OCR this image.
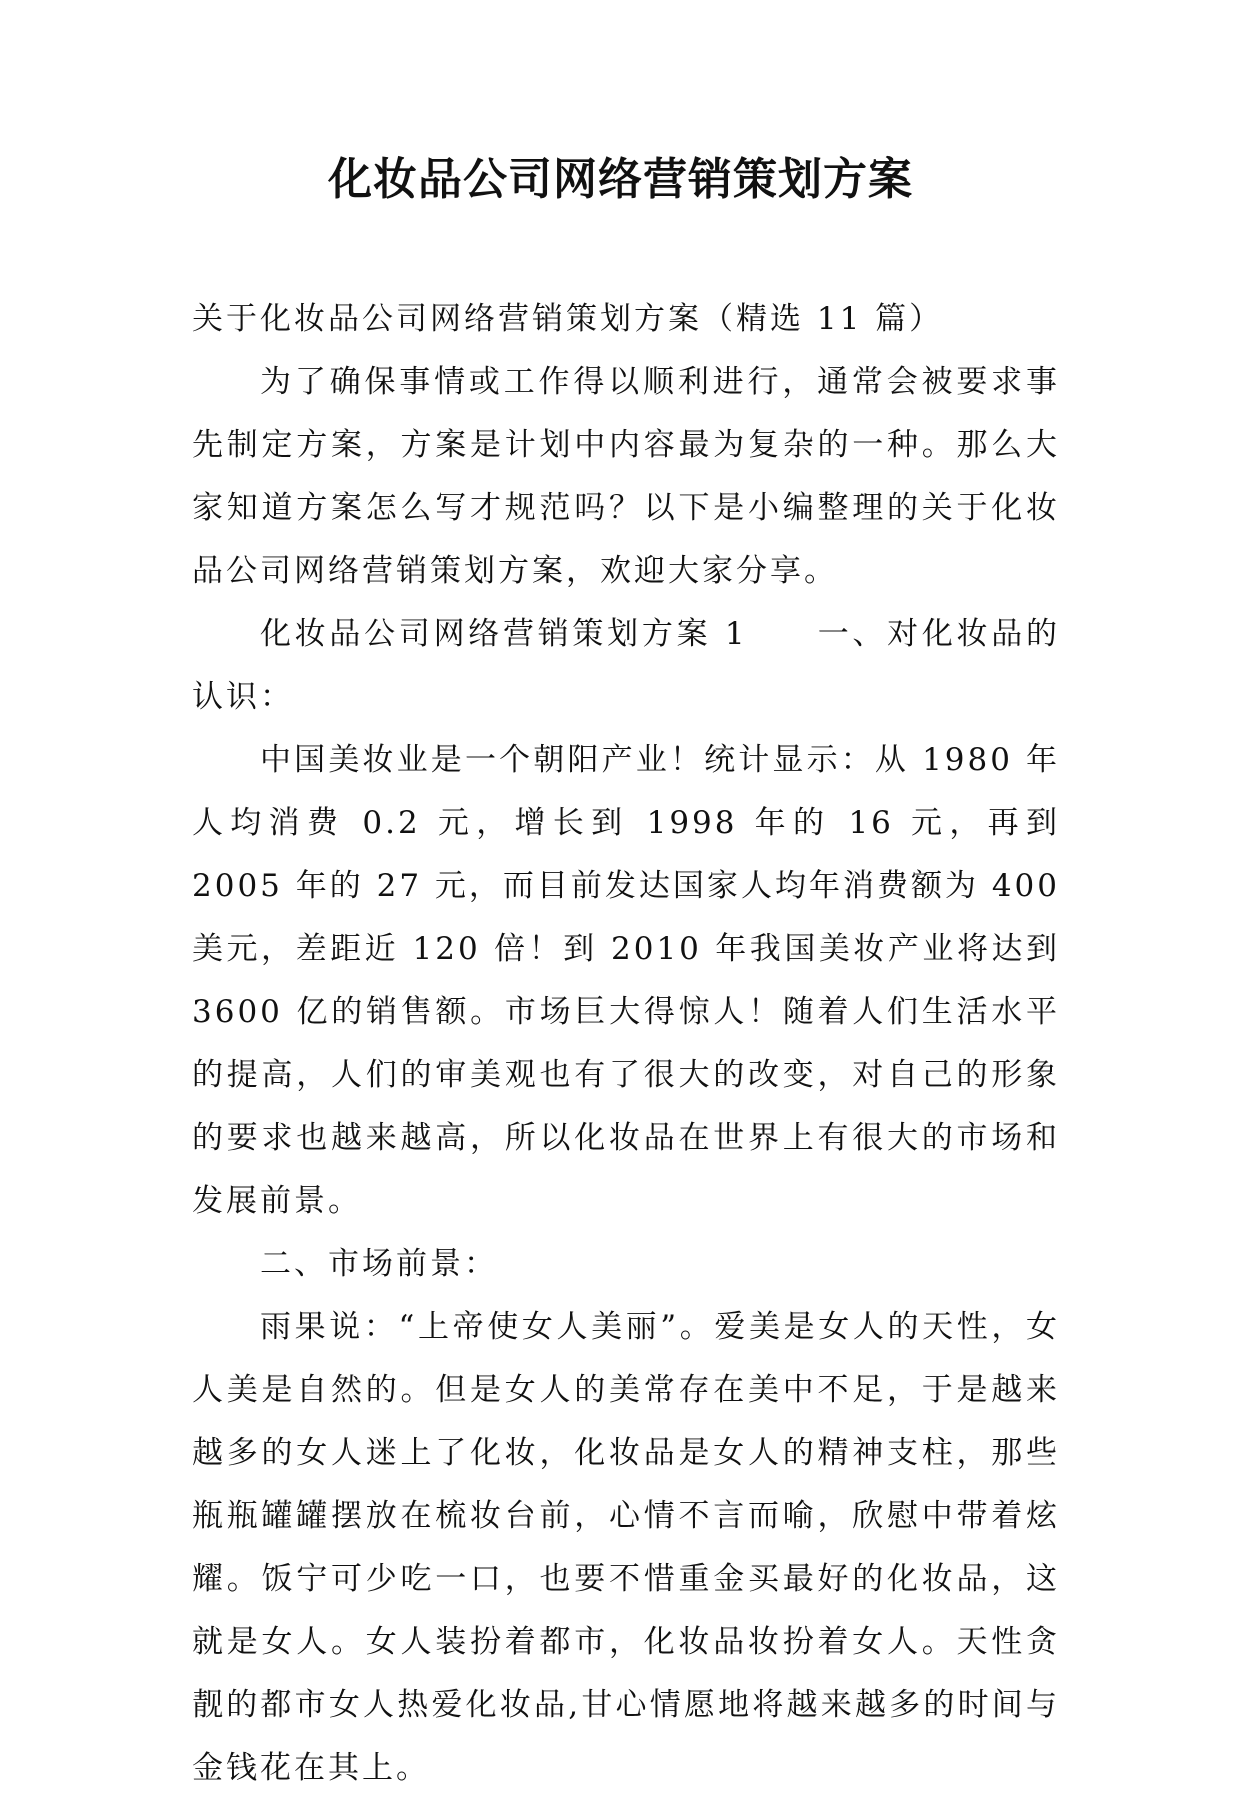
化妆品公司网络营销策划方案

关于化妆品公司网络营销策划方案（精选 11 篇）

为了确保事情或工作得以顺利进行，通常会被要求事先制定方案，方案是计划中内容最为复杂的一种。那么大家知道方案怎么写才规范吗？以下是小编整理的关于化妆品公司网络营销策划方案，欢迎大家分享。

化妆品公司网络营销策划方案 1　　一、对化妆品的认识：

中国美妆业是一个朝阳产业！统计显示：从 1980 年人均消费 0.2 元，增长到 1998 年的 16 元，再到 2005 年的 27 元，而目前发达国家人均年消费额为 400 美元，差距近 120 倍！到 2010 年我国美妆产业将达到 3600 亿的销售额。市场巨大得惊人！随着人们生活水平的提高，人们的审美观也有了很大的改变，对自己的形象的要求也越来越高，所以化妆品在世界上有很大的市场和发展前景。

二、市场前景：

雨果说：“上帝使女人美丽”。爱美是女人的天性，女人美是自然的。但是女人的美常存在美中不足，于是越来越多的女人迷上了化妆，化妆品是女人的精神支柱，那些瓶瓶罐罐摆放在梳妆台前，心情不言而喻，欣慰中带着炫耀。饭宁可少吃一口，也要不惜重金买最好的化妆品，这就是女人。女人装扮着都市，化妆品妆扮着女人。天性贪靓的都市女人热爱化妆品,甘心情愿地将越来越多的时间与金钱花在其上。
